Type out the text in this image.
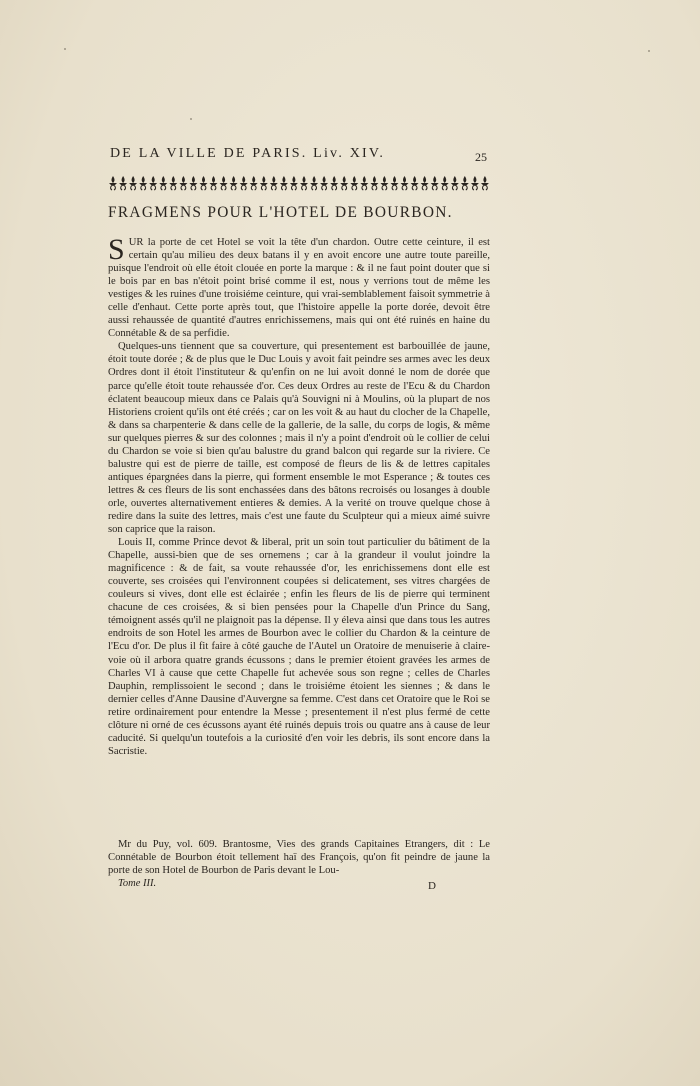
DE LA VILLE DE PARIS. Liv. XIV.	25
FRAGMENS POUR L'HOTEL DE BOURBON.

SUR la porte de cet Hotel se voit la tête d'un chardon. Outre cette ceinture, il est certain qu'au milieu des deux batans il y en avoit encore une autre toute pareille, puisque l'endroit où elle étoit clouée en porte la marque : & il ne faut point douter que si le bois par en bas n'étoit point brisé comme il est, nous y verrions tout de même les vestiges & les ruines d'une troisiéme ceinture, qui vrai-semblablement faisoit symmetrie à celle d'enhaut. Cette porte après tout, que l'histoire appelle la porte dorée, devoit être aussi rehaussée de quantité d'autres enrichissemens, mais qui ont été ruinés en haine du Connétable & de sa perfidie.

Quelques-uns tiennent que sa couverture, qui presentement est barbouillée de jaune, étoit toute dorée ; & de plus que le Duc Louis y avoit fait peindre ses armes avec les deux Ordres dont il étoit l'instituteur & qu'enfin on ne lui avoit donné le nom de dorée que parce qu'elle étoit toute rehaussée d'or. Ces deux Ordres au reste de l'Ecu & du Chardon éclatent beaucoup mieux dans ce Palais qu'à Souvigni ni à Moulins, où la plupart de nos Historiens croient qu'ils ont été créés ; car on les voit & au haut du clocher de la Chapelle, & dans sa charpenterie & dans celle de la gallerie, de la salle, du corps de logis, & même sur quelques pierres & sur des colonnes ; mais il n'y a point d'endroit où le collier de celui du Chardon se voie si bien qu'au balustre du grand balcon qui regarde sur la riviere. Ce balustre qui est de pierre de taille, est composé de fleurs de lis & de lettres capitales antiques épargnées dans la pierre, qui forment ensemble le mot Esperance ; & toutes ces lettres & ces fleurs de lis sont enchassées dans des bâtons recroisés ou losanges à double orle, ouvertes alternativement entieres & demies. A la verité on trouve quelque chose à redire dans la suite des lettres, mais c'est une faute du Sculpteur qui a mieux aimé suivre son caprice que la raison.

Louis II, comme Prince devot & liberal, prit un soin tout particulier du bâtiment de la Chapelle, aussi-bien que de ses ornemens ; car à la grandeur il voulut joindre la magnificence : & de fait, sa voute rehaussée d'or, les enrichissemens dont elle est couverte, ses croisées qui l'environnent coupées si delicatement, ses vitres chargées de couleurs si vives, dont elle est éclairée ; enfin les fleurs de lis de pierre qui terminent chacune de ces croisées, & si bien pensées pour la Chapelle d'un Prince du Sang, témoignent assés qu'il ne plaignoit pas la dépense. Il y éleva ainsi que dans tous les autres endroits de son Hotel les armes de Bourbon avec le collier du Chardon & la ceinture de l'Ecu d'or. De plus il fit faire à côté gauche de l'Autel un Oratoire de menuiserie à claire-voie où il arbora quatre grands écussons ; dans le premier étoient gravées les armes de Charles VI à cause que cette Chapelle fut achevée sous son regne ; celles de Charles Dauphin, remplissoient le second ; dans le troisiéme étoient les siennes ; & dans le dernier celles d'Anne Dausine d'Auvergne sa femme. C'est dans cet Oratoire que le Roi se retire ordinairement pour entendre la Messe ; presentement il n'est plus fermé de cette clôture ni orné de ces écussons ayant été ruinés depuis trois ou quatre ans à cause de leur caducité. Si quelqu'un toutefois a la curiosité d'en voir les debris, ils sont encore dans la Sacristie.

Mr du Puy, vol. 609. Brantosme, Vies des grands Capitaines Etrangers, dit : Le Connétable de Bourbon étoit tellement haï des François, qu'on fit peindre de jaune la porte de son Hotel de Bourbon de Paris devant le Lou-

Tome III.	D
